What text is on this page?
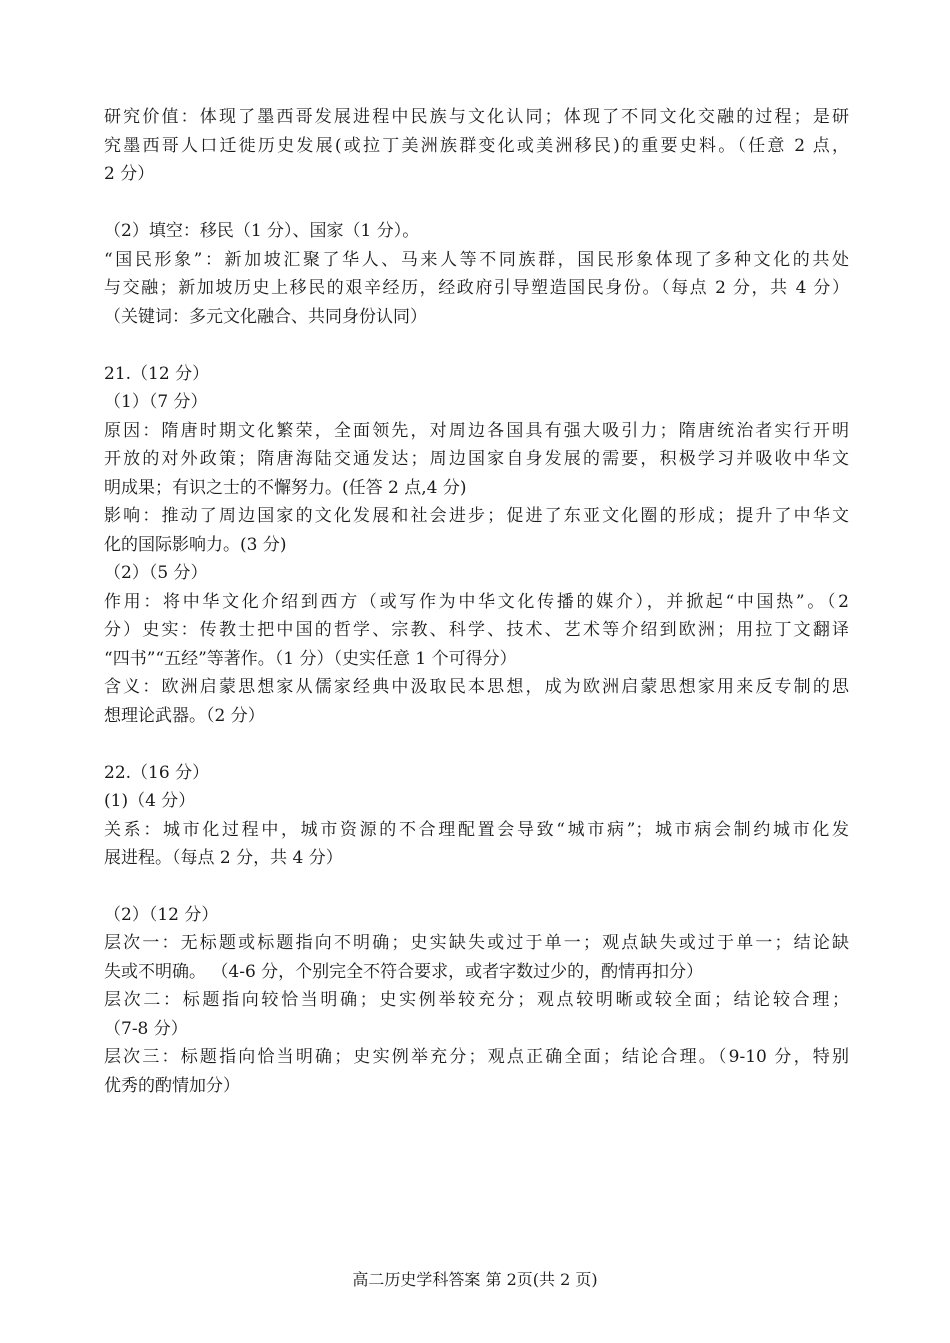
研究价值：体现了墨西哥发展进程中民族与文化认同；体现了不同文化交融的过程；是研
究墨西哥人口迁徙历史发展(或拉丁美洲族群变化或美洲移民)的重要史料。（任意 2 点，
2 分）
（2）填空：移民（1 分）、国家（1 分）。
“国民形象”：新加坡汇聚了华人、马来人等不同族群，国民形象体现了多种文化的共处
与交融；新加坡历史上移民的艰辛经历，经政府引导塑造国民身份。（每点 2 分，共 4 分）
（关键词：多元文化融合、共同身份认同）
21.（12 分）
（1）（7 分）
原因：隋唐时期文化繁荣，全面领先，对周边各国具有强大吸引力；隋唐统治者实行开明
开放的对外政策；隋唐海陆交通发达；周边国家自身发展的需要，积极学习并吸收中华文
明成果；有识之士的不懈努力。(任答 2 点,4 分)
影响：推动了周边国家的文化发展和社会进步；促进了东亚文化圈的形成；提升了中华文
化的国际影响力。(3 分)
（2）（5 分）
作用：将中华文化介绍到西方（或写作为中华文化传播的媒介），并掀起“中国热”。（2
分）史实：传教士把中国的哲学、宗教、科学、技术、艺术等介绍到欧洲；用拉丁文翻译
“四书”“五经”等著作。（1 分）（史实任意 1 个可得分）
含义：欧洲启蒙思想家从儒家经典中汲取民本思想，成为欧洲启蒙思想家用来反专制的思
想理论武器。（2 分）
22.（16 分）
(1)（4 分）
关系：城市化过程中，城市资源的不合理配置会导致“城市病”；城市病会制约城市化发
展进程。（每点 2 分，共 4 分）
（2）（12 分）
层次一：无标题或标题指向不明确；史实缺失或过于单一；观点缺失或过于单一；结论缺
失或不明确。 （4-6 分，个别完全不符合要求，或者字数过少的，酌情再扣分）
层次二：标题指向较恰当明确；史实例举较充分；观点较明晰或较全面；结论较合理；
（7-8 分）
层次三：标题指向恰当明确；史实例举充分；观点正确全面；结论合理。（9-10 分，特别
优秀的酌情加分）
高二历史学科答案 第 2页(共 2 页)
